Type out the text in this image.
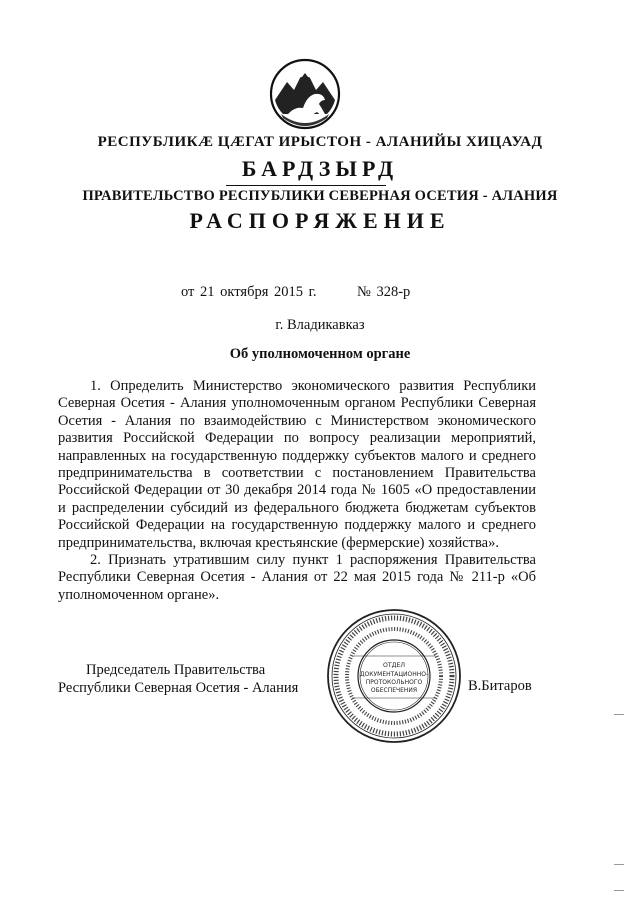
РЕСПУБЛИКÆ ЦÆГАТ ИРЫСТОН - АЛАНИЙЫ ХИЦАУАД
БАРДЗЫРД
ПРАВИТЕЛЬСТВО РЕСПУБЛИКИ СЕВЕРНАЯ ОСЕТИЯ - АЛАНИЯ
РАСПОРЯЖЕНИЕ
от 21 октября 2015 г.	№ 328-р
г. Владикавказ
Об уполномоченном органе

1. Определить Министерство экономического развития Республики Северная Осетия - Алания уполномоченным органом Республики Северная Осетия - Алания по взаимодействию с Министерством экономического развития Российской Федерации по вопросу реализации мероприятий, направленных на государственную поддержку субъектов малого и среднего предпринимательства в соответствии с постановлением Правительства Российской Федерации от 30 декабря 2014 года № 1605 «О предоставлении и распределении субсидий из федерального бюджета бюджетам субъектов Российской Федерации на государственную поддержку малого и среднего предпринимательства, включая крестьянские (фермерские) хозяйства».

2. Признать утратившим силу пункт 1 распоряжения Правительства Республики Северная Осетия - Алания от 22 мая 2015 года № 211-р «Об уполномоченном органе».

Председатель Правительства
Республики Северная Осетия - Алания
ОТДЕЛ
ДОКУМЕНТАЦИОННО-
ПРОТОКОЛЬНОГО
ОБЕСПЕЧЕНИЯ	В.Битаров
